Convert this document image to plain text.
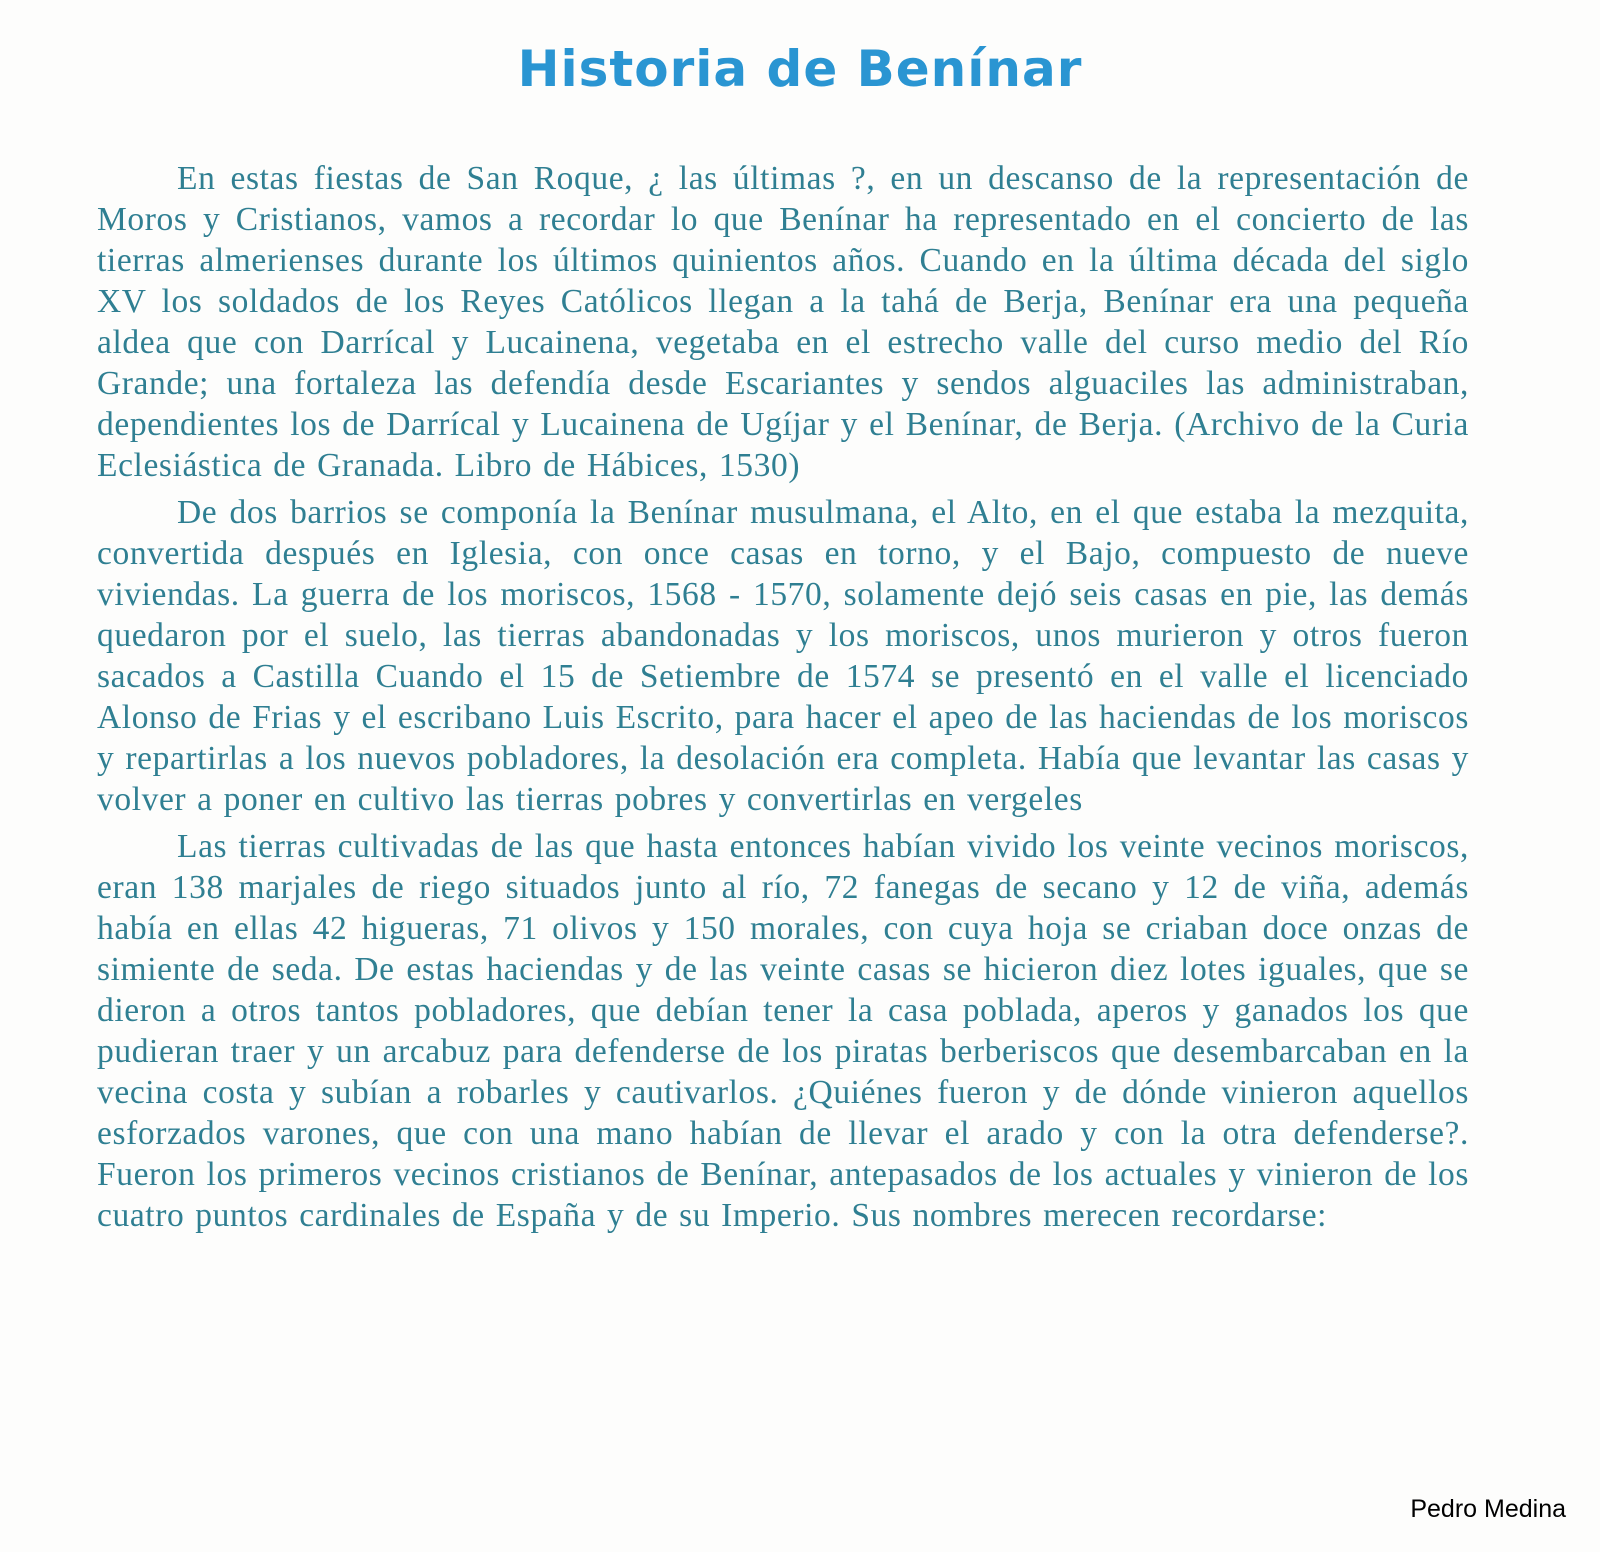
Historia de Benínar

En estas fiestas de San Roque, ¿ las últimas ?, en un descanso de la representación de Moros y Cristianos, vamos a recordar lo que Benínar ha representado en el concierto de las tierras almerienses durante los últimos quinientos años. Cuando en la última década del siglo XV los soldados de los Reyes Católicos llegan a la tahá de Berja, Benínar era una pequeña aldea que con Darrícal y Lucainena, vegetaba en el estrecho valle del curso medio del Río Grande; una fortaleza las defendía desde Escariantes y sendos alguaciles las administraban, dependientes los de Darrícal y Lucainena de Ugíjar y el Benínar, de Berja. (Archivo de la Curia Eclesiástica de Granada. Libro de Hábices, 1530)

De dos barrios se componía la Benínar musulmana, el Alto, en el que estaba la mezquita, convertida después en Iglesia, con once casas en torno, y el Bajo, compuesto de nueve viviendas. La guerra de los moriscos, 1568 - 1570, solamente dejó seis casas en pie, las demás quedaron por el suelo, las tierras abandonadas y los moriscos, unos murieron y otros fueron sacados a Castilla Cuando el 15 de Setiembre de 1574 se presentó en el valle el licenciado Alonso de Frias y el escribano Luis Escrito, para hacer el apeo de las haciendas de los moriscos y repartirlas a los nuevos pobladores, la desolación era completa. Había que levantar las casas y volver a poner en cultivo las tierras pobres y convertirlas en vergeles

Las tierras cultivadas de las que hasta entonces habían vivido los veinte vecinos moriscos, eran 138 marjales de riego situados junto al río, 72 fanegas de secano y 12 de viña, además había en ellas 42 higueras, 71 olivos y 150 morales, con cuya hoja se criaban doce onzas de simiente de seda. De estas haciendas y de las veinte casas se hicieron diez lotes iguales, que se dieron a otros tantos pobladores, que debían tener la casa poblada, aperos y ganados los que pudieran traer y un arcabuz para defenderse de los piratas berberiscos que desembarcaban en la vecina costa y subían a robarles y cautivarlos. ¿Quiénes fueron y de dónde vinieron aquellos esforzados varones, que con una mano habían de llevar el arado y con la otra defenderse?. Fueron los primeros vecinos cristianos de Benínar, antepasados de los actuales y vinieron de los cuatro puntos cardinales de España y de su Imperio. Sus nombres merecen recordarse:

Pedro Medina
